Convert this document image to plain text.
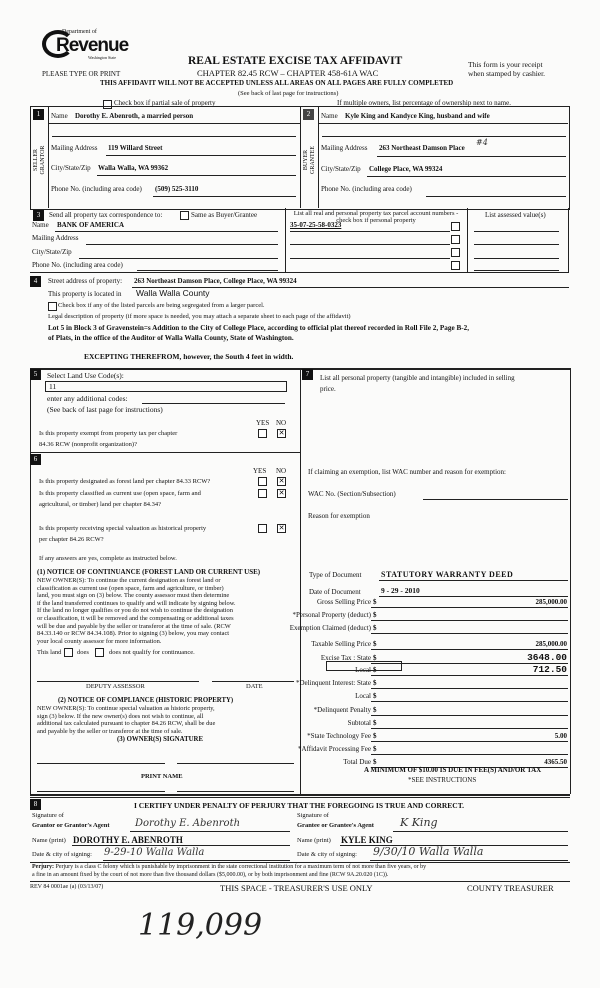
Department of
Revenue
Washington State
PLEASE TYPE OR PRINT
REAL ESTATE EXCISE TAX AFFIDAVIT
CHAPTER 82.45 RCW – CHAPTER 458-61A WAC
THIS AFFIDAVIT WILL NOT BE ACCEPTED UNLESS ALL AREAS ON ALL PAGES ARE FULLY COMPLETED
(See back of last page for instructions)
This form is your receipt
when stamped by cashier.
Check box if partial sale of property	If multiple owners, list percentage of ownership next to name.
1	2
SELLER GRANTOR	BUYER GRANTEE
Name Dorothy E. Abenroth, a married person
Mailing Address 119 Willard Street
City/State/Zip Walla Walla, WA 99362
Phone No. (including area code) (509) 525-3110
Name Kyle King and Kandyce King, husband and wife
Mailing Address 263 Northeast Damson Place
#4
City/State/Zip College Place, WA 99324
Phone No. (including area code)
3	Send all property tax correspondence to:	Same as Buyer/Grantee	List all real and personal property tax parcel account numbers - check box if personal property
List assessed value(s)
Name BANK OF AMERICA
Mailing Address
City/State/Zip
Phone No. (including area code)
35-07-25-58-0323
4	Street address of property: 263 Northeast Damson Place, College Place, WA 99324
This property is located in Walla Walla County
Check box if any of the listed parcels are being segregated from a larger parcel.
Legal description of property (if more space is needed, you may attach a separate sheet to each page of the affidavit)
Lot 5 in Block 3 of Gravenstein=s Addition to the City of College Place, according to official plat thereof recorded in Roll File 2, Page B-2,
of Plats, in the office of the Auditor of Walla Walla County, State of Washington.
EXCEPTING THEREFROM, however, the South 4 feet in width.
5	Select Land Use Code(s):
11
enter any additional codes:
(See back of last page for instructions)
YES NO
Is this property exempt from property tax per chapter
84.36 RCW (nonprofit organization)?
✕
6
YES NO
Is this property designated as forest land per chapter 84.33 RCW?	✕
Is this property classified as current use (open space, farm and
agricultural, or timber) land per chapter 84.34?
✕
Is this property receiving special valuation as historical property
per chapter 84.26 RCW?
✕
If any answers are yes, complete as instructed below.
(1) NOTICE OF CONTINUANCE (FOREST LAND OR CURRENT USE)
NEW OWNER(S): To continue the current designation as forest land or
classification as current use (open space, farm and agriculture, or timber)
land, you must sign on (3) below. The county assessor must then determine
if the land transferred continues to qualify and will indicate by signing below.
If the land no longer qualifies or you do not wish to continue the designation
or classification, it will be removed and the compensating or additional taxes
will be due and payable by the seller or transferor at the time of sale. (RCW
84.33.140 or RCW 84.34.108). Prior to signing (3) below, you may contact
your local county assessor for more information.
This land does	does not qualify for continuance.
DEPUTY ASSESSOR	DATE
(2) NOTICE OF COMPLIANCE (HISTORIC PROPERTY)
NEW OWNER(S): To continue special valuation as historic property,
sign (3) below. If the new owner(s) does not wish to continue, all
additional tax calculated pursuant to chapter 84.26 RCW, shall be due
and payable by the seller or transferor at the time of sale.
(3) OWNER(S) SIGNATURE
PRINT NAME
7	List all personal property (tangible and intangible) included in selling
price.
If claiming an exemption, list WAC number and reason for exemption:
WAC No. (Section/Subsection)
Reason for exemption
Type of Document STATUTORY WARRANTY DEED
Date of Document	9 - 29 - 2010
Gross Selling Price $	285,000.00
*Personal Property (deduct) $
Exemption Claimed (deduct) $
Taxable Selling Price $	285,000.00
Excise Tax : State $	3648.00
Local $	712.50
*Delinquent Interest: State $
Local $
*Delinquent Penalty $
Subtotal $
*State Technology Fee $	5.00
*Affidavit Processing Fee $
Total Due $	4365.50
A MINIMUM OF $10.00 IS DUE IN FEE(S) AND/OR TAX
*SEE INSTRUCTIONS
8	I CERTIFY UNDER PENALTY OF PERJURY THAT THE FOREGOING IS TRUE AND CORRECT.
Signature of
Grantor or Grantor's Agent	Dorothy E. Abenroth
Name (print) DOROTHY E. ABENROTH
Date & city of signing: 9-29-10 Walla Walla
Signature of
Grantee or Grantee's Agent K King
Name (print) KYLE KING
Date & city of signing: 9/30/10 Walla Walla
Perjury: Perjury is a class C felony which is punishable by imprisonment in the state correctional institution for a maximum term of not more than five years, or by
a fine in an amount fixed by the court of not more than five thousand dollars ($5,000.00), or by both imprisonment and fine (RCW 9A.20.020 (1C)).
REV 84 0001ae (a) (03/13/07)	THIS SPACE - TREASURER'S USE ONLY	COUNTY TREASURER
119,099
